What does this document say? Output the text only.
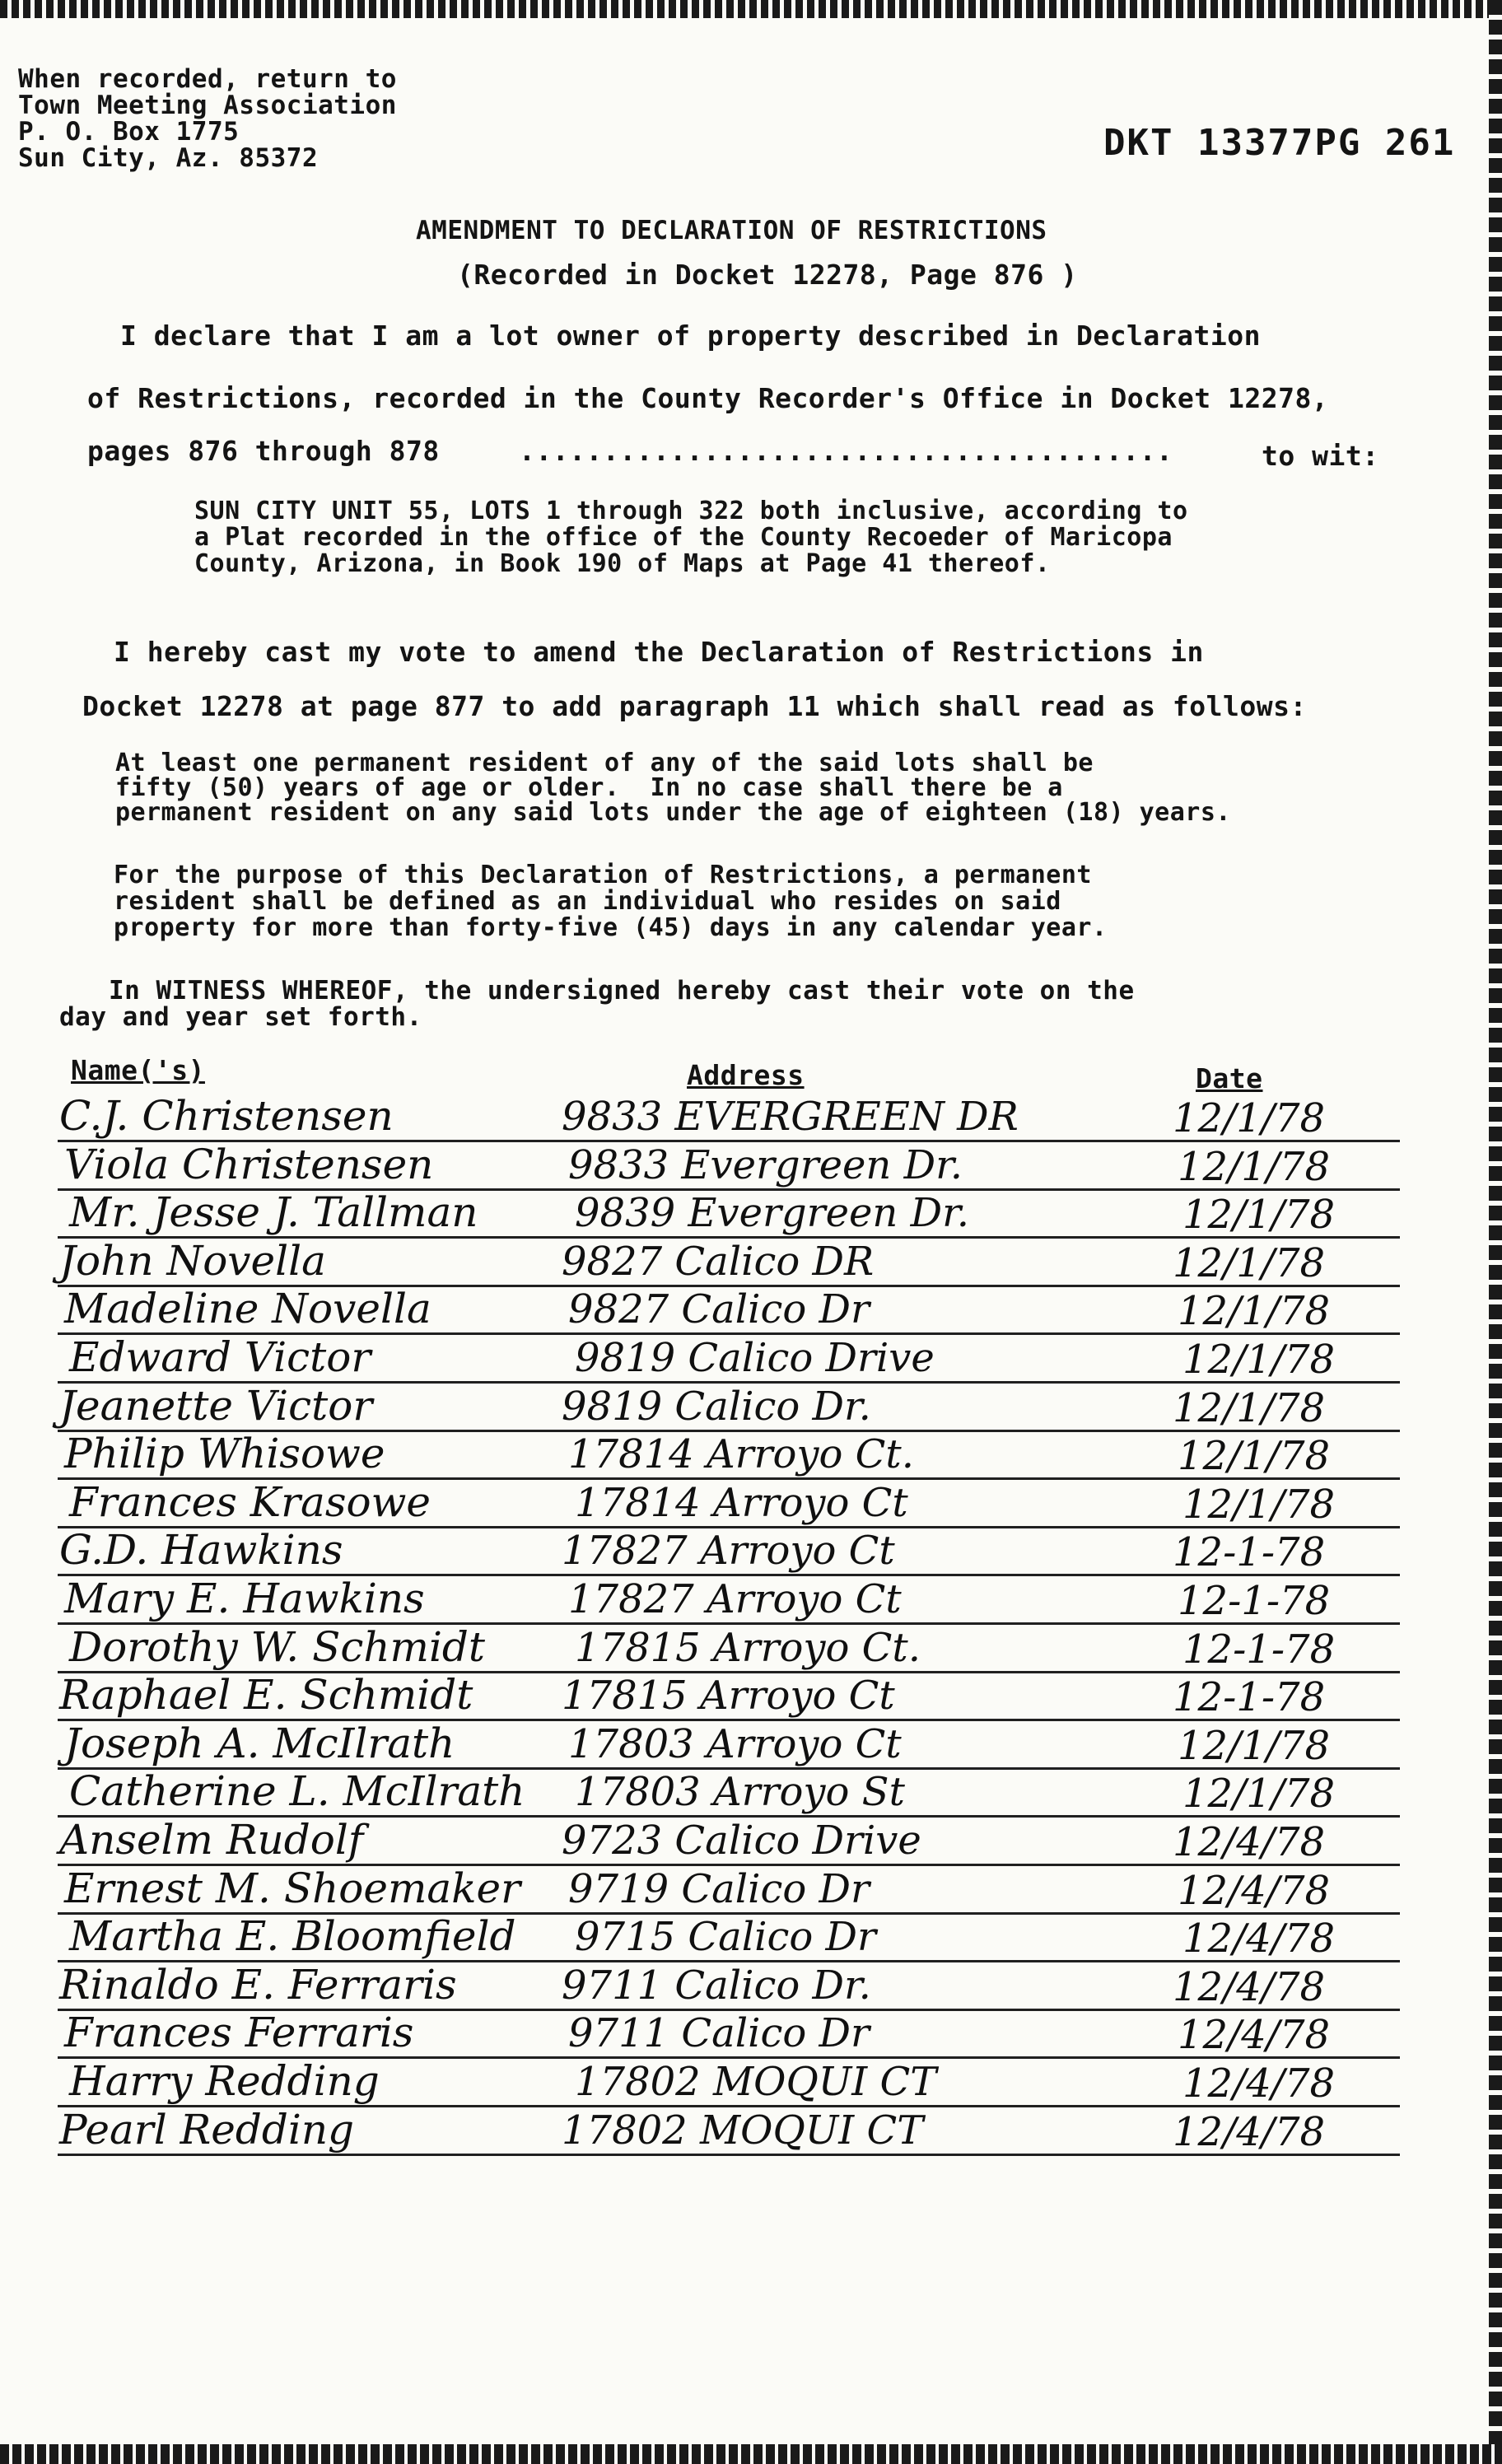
When recorded, return to
Town Meeting Association
P. O. Box 1775
Sun City, Az. 85372	DKT 13377PG 261
AMENDMENT TO DECLARATION OF RESTRICTIONS
(Recorded in Docket 12278, Page 876 )
I declare that I am a lot owner of property described in Declaration
of Restrictions, recorded in the County Recorder's Office in Docket 12278,
pages 876 through 878	.......................................	to wit:
SUN CITY UNIT 55, LOTS 1 through 322 both inclusive, according to
a Plat recorded in the office of the County Recoeder of Maricopa
County, Arizona, in Book 190 of Maps at Page 41 thereof.
I hereby cast my vote to amend the Declaration of Restrictions in
Docket 12278 at page 877 to add paragraph 11 which shall read as follows:
At least one permanent resident of any of the said lots shall be
fifty (50) years of age or older.  In no case shall there be a
permanent resident on any said lots under the age of eighteen (18) years.
For the purpose of this Declaration of Restrictions, a permanent
resident shall be defined as an individual who resides on said
property for more than forty-five (45) days in any calendar year.
In WITNESS WHEREOF, the undersigned hereby cast their vote on the
day and year set forth.
Name('s)	Address	Date
C.J. Christensen	9833 EVERGREEN DR	12/1/78
Viola Christensen	9833 Evergreen Dr.	12/1/78
Mr. Jesse J. Tallman 9839 Evergreen Dr.	12/1/78
John Novella	9827 Calico DR	12/1/78
Madeline Novella	9827 Calico Dr	12/1/78
Edward Victor	9819 Calico Drive	12/1/78
Jeanette Victor	9819 Calico Dr.	12/1/78
Philip Whisowe	17814 Arroyo Ct.	12/1/78
Frances Krasowe	17814 Arroyo Ct	12/1/78
G.D. Hawkins	17827 Arroyo Ct	12-1-78
Mary E. Hawkins	17827 Arroyo Ct	12-1-78
Dorothy W. Schmidt 17815 Arroyo Ct.	12-1-78
Raphael E. Schmidt 17815 Arroyo Ct	12-1-78
Joseph A. McIlrath	17803 Arroyo Ct	12/1/78
Catherine L. McIlrath 17803 Arroyo St	12/1/78
Anselm Rudolf	9723 Calico Drive	12/4/78
Ernest M. Shoemaker 9719 Calico Dr	12/4/78
Martha E. Bloomfield 9715 Calico Dr	12/4/78
Rinaldo E. Ferraris	9711 Calico Dr.	12/4/78
Frances Ferraris	9711 Calico Dr	12/4/78
Harry Redding	17802 MOQUI CT	12/4/78
Pearl Redding	17802 MOQUI CT	12/4/78
